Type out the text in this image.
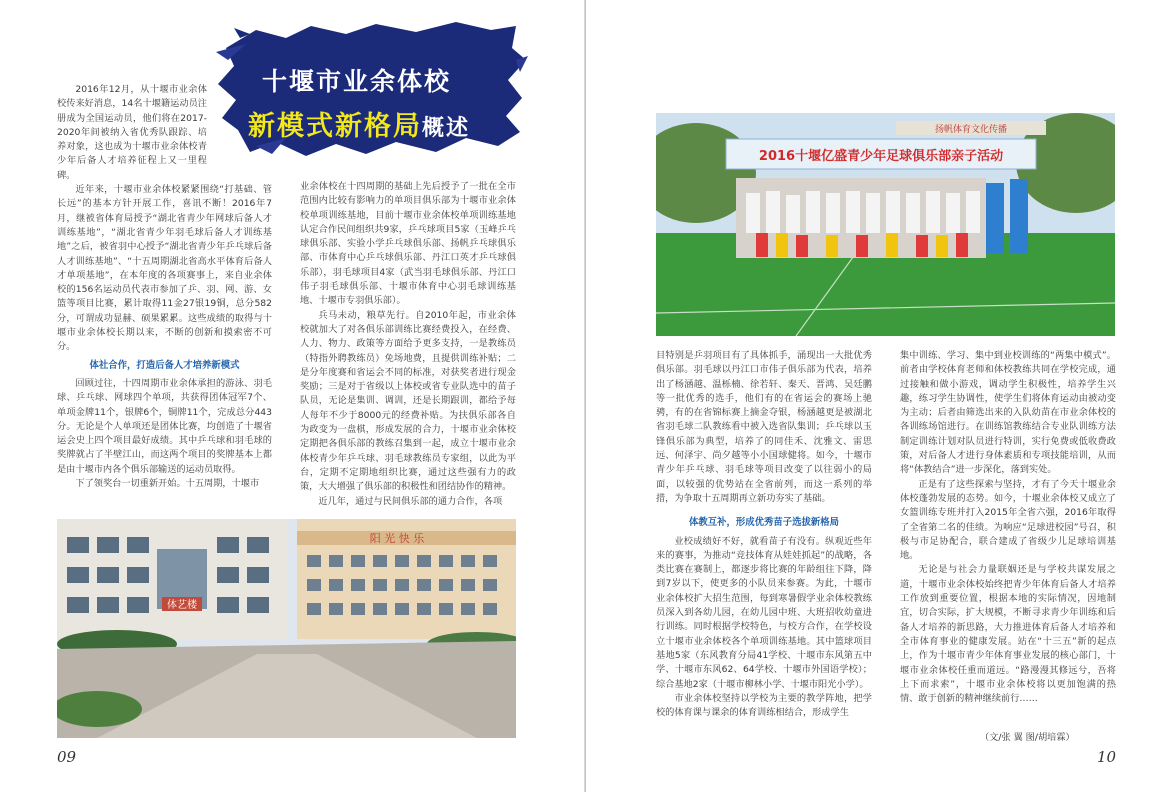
十堰市业余体校
新模式新格局概述

2016年12月，从十堰市业余体校传来好消息，14名十堰籍运动员注册成为全国运动员，他们将在2017-2020年间被纳入省优秀队跟踪、培养对象，这也成为十堰市业余体校青少年后备人才培养征程上又一里程碑。

近年来，十堰市业余体校紧紧围绕“打基础、管长远”的基本方针开展工作，喜讯不断！2016年7月，继被省体育局授予“湖北省青少年网球后备人才训练基地”，“湖北省青少年羽毛球后备人才训练基地”之后，被省羽中心授予“湖北省青少年乒乓球后备人才训练基地”、“十五周期湖北省高水平体育后备人才单项基地”，在本年度的各项赛事上，来自业余体校的156名运动员代表市参加了乒、羽、网、游、女篮等项目比赛，累计取得11金27银19铜，总分582分，可谓成功显赫、硕果累累。这些成绩的取得与十堰市业余体校长期以来，不断的创新和摸索密不可分。

体社合作，打造后备人才培养新模式

回顾过往，十四周期市业余体承担的游泳、羽毛球、乒乓球、网球四个单项，共获得团体冠军7个、单项金牌11个，银牌6个，铜牌11个，完成总分443分。无论是个人单项还是团体比赛，均创造了十堰省运会史上四个项目最好成绩。其中乒乓球和羽毛球的奖牌就占了半壁江山，而这两个项目的奖牌基本上都是由十堰市内各个俱乐部输送的运动员取得。

下了领奖台一切重新开始。十五周期，十堰市

业余体校在十四周期的基础上先后授予了一批在全市范围内比较有影响力的单项目俱乐部为十堰市业余体校单项训练基地，目前十堰市业余体校单项训练基地认定合作民间组织共9家，乒乓球项目5家（玉峰乒乓球俱乐部、实验小学乒乓球俱乐部、扬帆乒乓球俱乐部、市体育中心乒乓球俱乐部、丹江口英才乒乓球俱乐部），羽毛球项目4家（武当羽毛球俱乐部、丹江口伟子羽毛球俱乐部、十堰市体育中心羽毛球训练基地、十堰市专羽俱乐部）。

兵马未动，粮草先行。自2010年起，市业余体校就加大了对各俱乐部训练比赛经费投入，在经费、人力、物力、政策等方面给予更多支持，一是教练员（特指外聘教练员）免场地费，且提供训练补贴；二是分年度赛和省运会不同的标准，对获奖者进行现金奖励；三是对于省级以上体校或省专业队选中的苗子队员，无论是集训、调训，还是长期跟训，都给予每人每年不少于8000元的经费补贴。为扶俱乐部各自为政变为一盘棋，形成发展的合力，十堰市业余体校定期把各俱乐部的教练召集到一起，成立十堰市业余体校青少年乒乓球、羽毛球教练员专家组，以此为平台，定期不定期地组织比赛，通过这些强有力的政策，大大增强了俱乐部的积极性和团结协作的精神。

近几年，通过与民间俱乐部的通力合作，各项

体艺楼
阳 光 快 乐
09
扬帆体育文化传播
2016十堰亿盛青少年足球俱乐部亲子活动

目特别是乒羽项目有了具体抓手，涌现出一大批优秀俱乐部。羽毛球以丹江口市伟子俱乐部为代表，培养出了杨涵越、温栎楠、徐若轩、秦天、晋鸿、吴廷鹏等一批优秀的选手，他们有的在省运会的赛场上驰骋，有的在省锦标赛上摘金夺银，杨涵越更是被湖北省羽毛球二队教练看中被入选省队集训；乒乓球以玉锋俱乐部为典型，培养了的同佳禾、沈雅文、雷思远、何泽宇、尚夕越等小小国球健将。如今，十堰市青少年乒乓球、羽毛球等项目改变了以往弱小的局面，以较强的优势站在全省前列，而这一系列的举措，为争取十五周期再立新功夯实了基础。

体教互补，形成优秀苗子选拔新格局

业校成绩好不好，就看苗子有没有。纵观近些年来的赛事，为推动“竞技体育从娃娃抓起”的战略，各类比赛在赛制上，都逐步将比赛的年龄组往下降，降到7岁以下，使更多的小队员来参赛。为此，十堰市业余体校扩大招生范围，每到寒暑假学业余体校教练员深入到各幼儿园，在幼儿园中班、大班招收幼童进行训练。同时根据学校特色，与校方合作，在学校设立十堰市业余体校各个单项训练基地。其中篮球项目基地5家（东风教育分局41学校、十堰市东风第五中学、十堰市东风62、64学校、十堰市外国语学校）；综合基地2家（十堰市柳林小学、十堰市阳光小学）。

市业余体校坚持以学校为主要的教学阵地，把学校的体育课与课余的体育训练相结合，形成学生

集中训练、学习、集中到业校训练的“两集中模式”。前者由学校体育老师和体校教练共同在学校完成，通过接触和做小游戏，调动学生积极性，培养学生兴趣，练习学生协调性，使学生们将体育运动由被动变为主动；后者由筛选出来的入队幼苗在市业余体校的各训练场馆进行。在训练馆教练结合专业队训练方法制定训练计划对队员进行特训，实行免费或低收费政策，对后备人才进行身体素质和专项技能培训，从而将“体教结合”进一步深化，落到实处。

正是有了这些探索与坚持，才有了今天十堰业余体校蓬勃发展的态势。如今，十堰业余体校又成立了女篮训练专班并打入2015年全省六强，2016年取得了全省第二名的佳绩。为响应“足球进校园”号召，积极与市足协配合，联合建成了省级少儿足球培训基地。

无论是与社会力量联姻还是与学校共谋发展之道，十堰市业余体校始终把青少年体育后备人才培养工作放到重要位置，根据本地的实际情况，因地制宜，切合实际，扩大规模，不断寻求青少年训练和后备人才培养的新思路，大力推进体育后备人才培养和全市体育事业的健康发展。站在“十三五”新的起点上，作为十堰市青少年体育事业发展的核心部门，十堰市业余体校任重而道远。“路漫漫其修远兮，吾将上下而求索”，十堰市业余体校将以更加饱满的热情、敢于创新的精神继续前行……

（文/张 翼 图/胡培霖）
10
